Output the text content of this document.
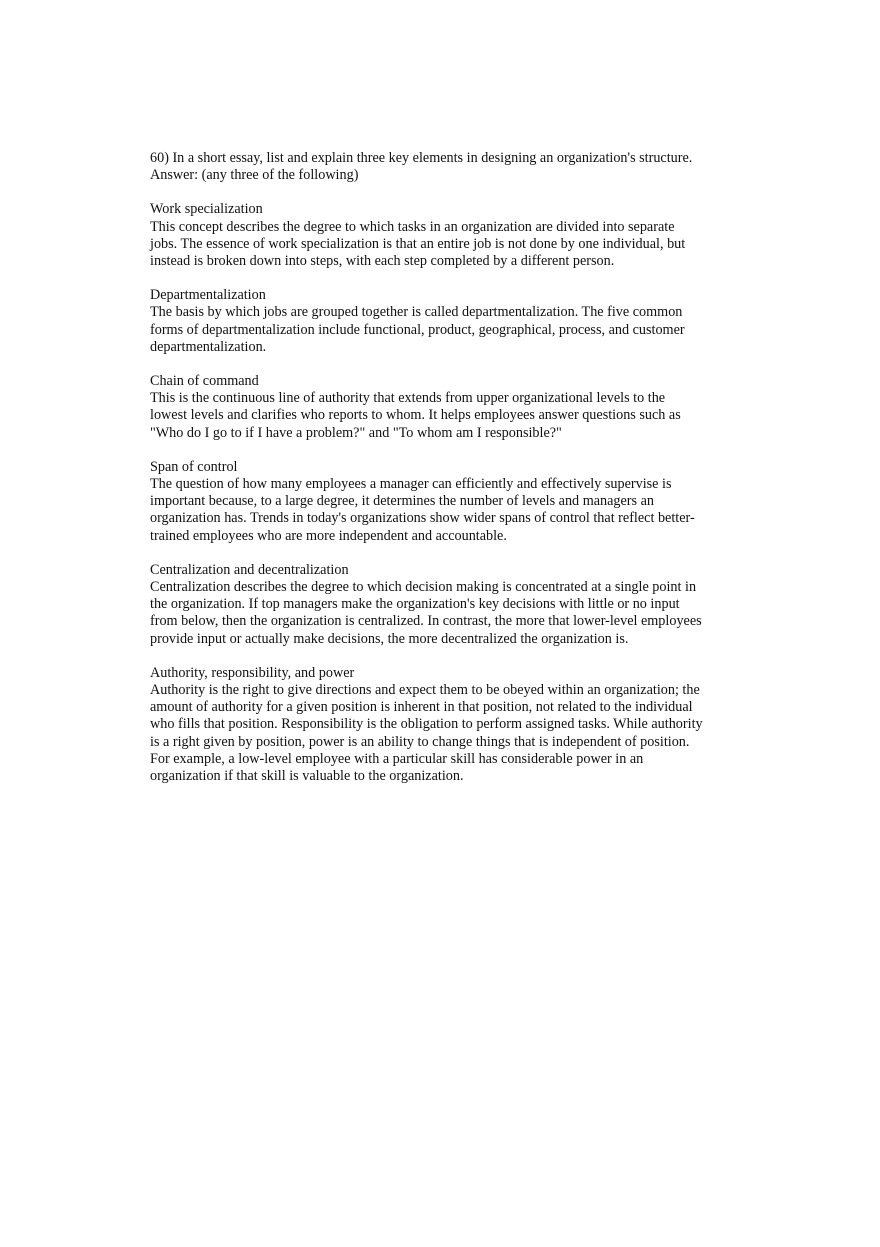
60) In a short essay, list and explain three key elements in designing an organization's structure.
Answer: (any three of the following)
Work specialization
This concept describes the degree to which tasks in an organization are divided into separate
jobs. The essence of work specialization is that an entire job is not done by one individual, but
instead is broken down into steps, with each step completed by a different person.
Departmentalization
The basis by which jobs are grouped together is called departmentalization. The five common
forms of departmentalization include functional, product, geographical, process, and customer
departmentalization.
Chain of command
This is the continuous line of authority that extends from upper organizational levels to the
lowest levels and clarifies who reports to whom. It helps employees answer questions such as
"Who do I go to if I have a problem?" and "To whom am I responsible?"
Span of control
The question of how many employees a manager can efficiently and effectively supervise is
important because, to a large degree, it determines the number of levels and managers an
organization has. Trends in today's organizations show wider spans of control that reflect better-
trained employees who are more independent and accountable.
Centralization and decentralization
Centralization describes the degree to which decision making is concentrated at a single point in
the organization. If top managers make the organization's key decisions with little or no input
from below, then the organization is centralized. In contrast, the more that lower-level employees
provide input or actually make decisions, the more decentralized the organization is.
Authority, responsibility, and power
Authority is the right to give directions and expect them to be obeyed within an organization; the
amount of authority for a given position is inherent in that position, not related to the individual
who fills that position. Responsibility is the obligation to perform assigned tasks. While authority
is a right given by position, power is an ability to change things that is independent of position.
For example, a low-level employee with a particular skill has considerable power in an
organization if that skill is valuable to the organization.
